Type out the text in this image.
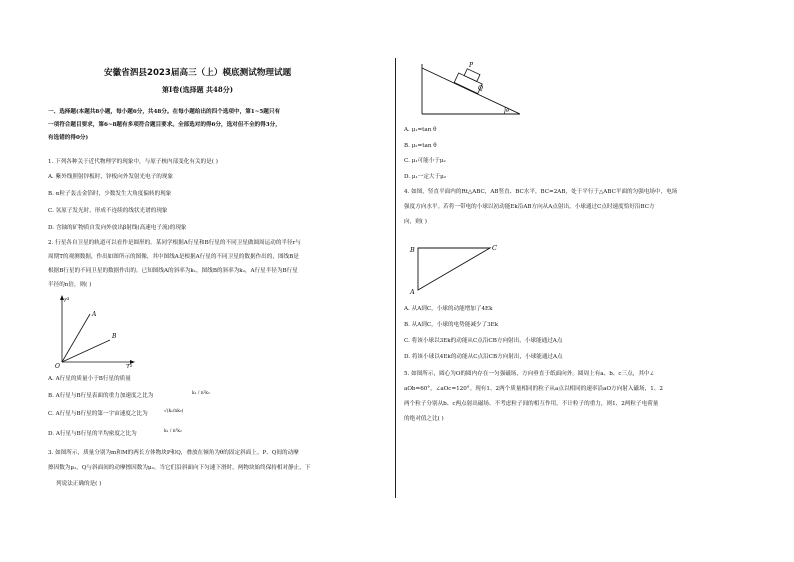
安徽省泗县2023届高三（上）模底测试物理试题
第Ⅰ卷(选择题 共48分)
一、选择题(本题共8小题，每小题6分，共48分。在每小题给出的四个选项中，第1~5题只有
一项符合题目要求，第6~8题有多项符合题目要求。全部选对的得6分，选对但不全的得3分，
有选错的得0分)
1. 下列各种关于近代物理学的现象中，与原子核内部变化有关的是( )
A. 紫外线照射锌板时，锌板向外发射光电子的现象
B. α粒子轰击金箔时，少数发生大角度偏转的现象
C. 氢原子发光时，形成不连续的线状光谱的现象
D. 含铀的矿物质自发向外放出β射线(高速电子流)的现象
2. 行星各自卫星的轨道可以看作是圆形的。某同学根据A行星和B行星的不同卫星做圆周运动的半径r与
周期T的观测数据，作出如图所示的图像，其中图线A是根据A行星的不同卫星的数据作出的，图线B是
根据B行星的不同卫星的数据作出的。已知图线A的斜率为k₁，图线B的斜率为k₂，A行星半径为B行星
半径的n倍，则( )
r³
T²
O
A
B
A. A行星的质量小于B行星的质量
B. A行星与B行星表面的重力加速度之比为	k₁ / n²k₂
C. A行星与B行星的第一宇宙速度之比为	√(k₁/nk₂)
D. A行星与B行星的平均密度之比为	k₁ / n³k₂
3. 如图所示，质量分别为m和M的两长方体物块P和Q，叠放在倾角为θ的固定斜面上。P、Q间的动摩
擦因数为μ₁，Q与斜面间的动摩擦因数为μ₂。当它们沿斜面向下匀速下滑时，两物块始终保持相对静止，下
列说法正确的是( )
P
Q
θ
A. μ₁=tan θ
B. μ₂=tan θ
C. μ₁可能小于μ₂
D. μ₁一定大于μ₂
4. 如图，竖直平面内的Rt△ABC，AB竖直、BC水平，BC=2AB，处于平行于△ABC平面的匀强电场中，电场
强度方向水平。若将一带电的小球以初动能Ek沿AB方向从A点射出，小球通过C点时速度恰好沿BC方
向，则( )
B
A
C
A. 从A到C，小球的动能增加了4Ek
B. 从A到C，小球的电势能减少了3Ek
C. 将该小球以3Ek的动能从C点沿CB方向射出，小球能通过A点
D. 将该小球以4Ek的动能从C点沿CB方向射出，小球能通过A点
5. 如图所示，圆心为O的圆内存在一匀强磁场，方向垂直于纸面向外。圆周上有a、b、c三点，其中∠
aOb=60°，∠aOc=120°。现有1、2两个质量相同的粒子从a点以相同的速率沿aO方向射入磁场，1、2
两个粒子分别从b、c两点射出磁场。不考虑粒子间的相互作用，不计粒子的重力，则1、2两粒子电荷量
的绝对值之比( )
